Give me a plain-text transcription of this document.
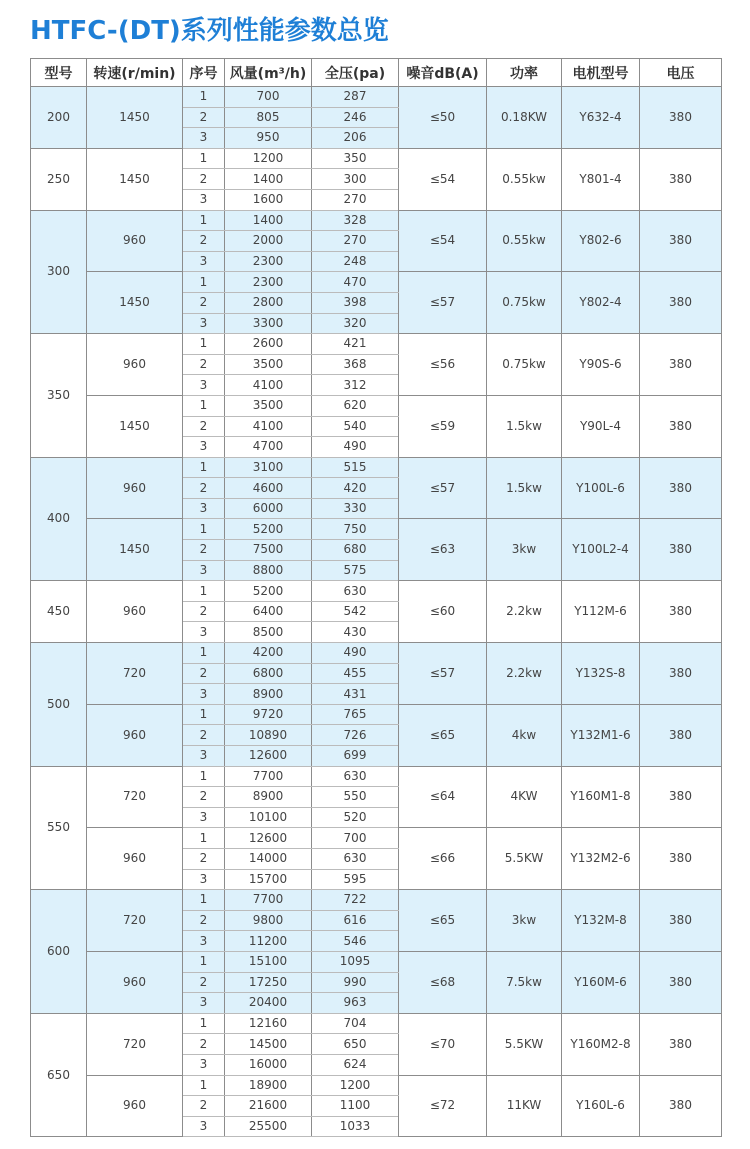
HTFC-(DT)系列性能参数总览
型号	转速(r/min)	序号	风量(m³/h)	全压(pa)	噪音dB(A)	功率	电机型号	电压
200	1450	1	700	287	≤50	0.18KW	Y632-4	380
		2	805	246				
		3	950	206				
250	1450	1	1200	350	≤54	0.55kw	Y801-4	380
		2	1400	300				
		3	1600	270				
300	960	1	1400	328	≤54	0.55kw	Y802-6	380
		2	2000	270				
		3	2300	248				
	1450	1	2300	470	≤57	0.75kw	Y802-4	380
		2	2800	398				
		3	3300	320				
350	960	1	2600	421	≤56	0.75kw	Y90S-6	380
		2	3500	368				
		3	4100	312				
	1450	1	3500	620	≤59	1.5kw	Y90L-4	380
		2	4100	540				
		3	4700	490				
400	960	1	3100	515	≤57	1.5kw	Y100L-6	380
		2	4600	420				
		3	6000	330				
	1450	1	5200	750	≤63	3kw	Y100L2-4	380
		2	7500	680				
		3	8800	575				
450	960	1	5200	630	≤60	2.2kw	Y112M-6	380
		2	6400	542				
		3	8500	430				
500	720	1	4200	490	≤57	2.2kw	Y132S-8	380
		2	6800	455				
		3	8900	431				
	960	1	9720	765	≤65	4kw	Y132M1-6	380
		2	10890	726				
		3	12600	699				
550	720	1	7700	630	≤64	4KW	Y160M1-8	380
		2	8900	550				
		3	10100	520				
	960	1	12600	700	≤66	5.5KW	Y132M2-6	380
		2	14000	630				
		3	15700	595				
600	720	1	7700	722	≤65	3kw	Y132M-8	380
		2	9800	616				
		3	11200	546				
	960	1	15100	1095	≤68	7.5kw	Y160M-6	380
		2	17250	990				
		3	20400	963				
650	720	1	12160	704	≤70	5.5KW	Y160M2-8	380
		2	14500	650				
		3	16000	624				
	960	1	18900	1200	≤72	11KW	Y160L-6	380
		2	21600	1100				
		3	25500	1033				
